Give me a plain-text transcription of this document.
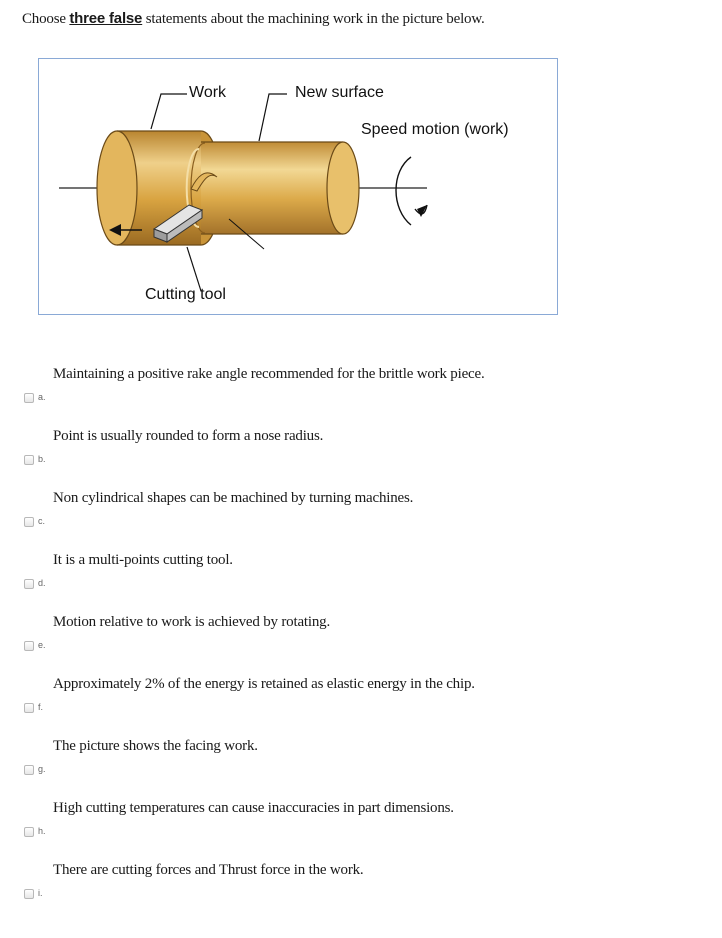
Choose three false statements about the machining work in the picture below.
Work	New surface
Speed motion (work)
Cutting tool
Maintaining a positive rake angle recommended for the brittle work piece.
a.
Point is usually rounded to form a nose radius.
b.
Non cylindrical shapes can be machined by turning machines.
c.
It is a multi-points cutting tool.
d.
Motion relative to work is achieved by rotating.
e.
Approximately 2% of the energy is retained as elastic energy in the chip.
f.
The picture shows the facing work.
g.
High cutting temperatures can cause inaccuracies in part dimensions.
h.
There are cutting forces and Thrust force in the work.
i.
